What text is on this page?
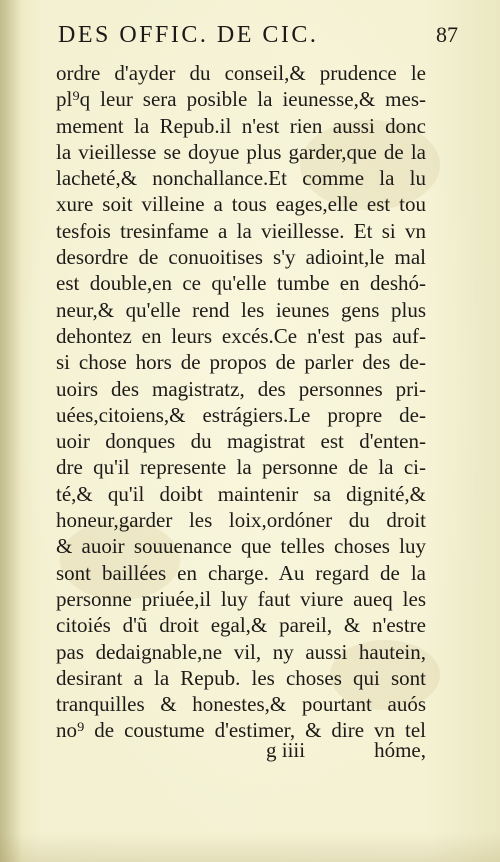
DES OFFIC. DE CIC.	87
ordre d'ayder du conseil,& prudence le
pl⁹q leur sera posible la ieunesse,& mes-
mement la Repub.il n'est rien aussi donc
la vieillesse se doyue plus garder,que de la
lacheté,& nonchallance.Et comme la lu
xure soit villeine a tous eages,elle est tou
tesfois tresinfame a la vieillesse. Et si vn
desordre de conuoitises s'y adioint,le mal
est double,en ce qu'elle tumbe en deshó-
neur,& qu'elle rend les ieunes gens plus
dehontez en leurs excés.Ce n'est pas auf-
si chose hors de propos de parler des de-
uoirs des magistratz, des personnes pri-
uées,citoiens,& estrágiers.Le propre de-
uoir donques du magistrat est d'enten-
dre qu'il represente la personne de la ci-
té,& qu'il doibt maintenir sa dignité,&
honeur,garder les loix,ordóner du droit
& auoir souuenance que telles choses luy
sont baillées en charge. Au regard de la
personne priuée,il luy faut viure aueq les
citoiés d'ũ droit egal,& pareil, & n'estre
pas dedaignable,ne vil, ny aussi hautein,
desirant a la Repub. les choses qui sont
tranquilles & honestes,& pourtant auós
no⁹ de coustume d'estimer, & dire vn tel
g iiii	hóme,
